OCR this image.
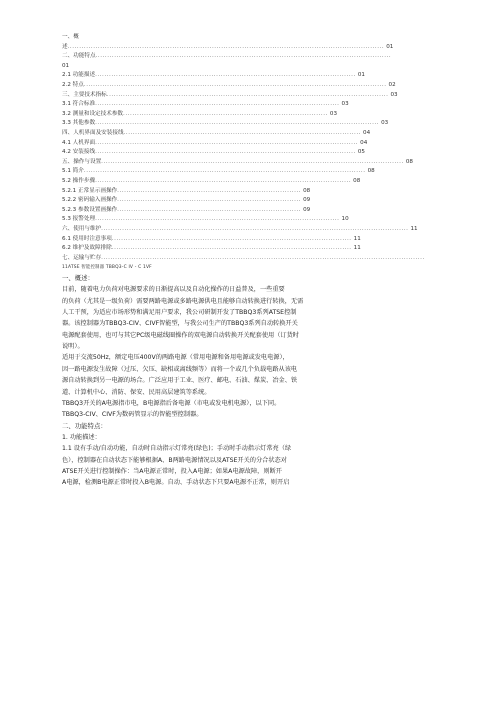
一、概
述........................................................................................................................................ 01
二、功能特点...............................................................................................................................
01
2.1 功能描述................................................................................................................ 01
2.2 特点.................................................................................................................................. 02
三、主要技术指标......................................................................................................................... 03
3.1 符合标准......................................................................................................... 03
3.2 测量和设定技术参数........................................................................................ 03
3.3 其他参数.......................................................................................................................... 03
四、人机界面及安装接线...................................................................................................... 04
4.1 人机界面................................................................................................................. 04
4.2 安装接线................................................................................................................ 05
五、操作与设置.................................................................................................................................. 08
5.1 简介......................................................................................................................... 08
5.2 操作步骤.............................................................................................................. 08
5.2.1 正常显示画操作............................................................................... 08
5.2.2 密码输入画操作............................................................................... 09
5.2.3 参数设置画操作............................................................................... 09
5.3 报警处理......................................................................................................... 10
六、使用与维护.................................................................................................................................... 11
6.1 使用时注意事项....................................................................................................... 11
6.2 维护及故障排除....................................................................................................... 11
七、运输与贮存...........................................................................................................................................
11ATSE 智能控制器 TBBQ3-C IV - C 1VF
一、概述：
目前，随着电力负荷对电源要求的日渐提高以及自动化操作的日益普及，一些重要
的负荷（尤其是一级负荷）需要两路电源或多路电源供电且能够自动转换进行转换，无需
人工干预，为适应市场形势和满足用户要求，我公司研制开发了TBBQ3系列ATSE控制
器。该控制器为TBBQ3-CIV、CIVF智能型，与我公司生产的TBBQ3系列自动转换开关
电源配套使用，也可与其它PC级电磁线圈操作的双电源自动转换开关配套使用（订货时
说明）。
适用于交流50Hz，额定电压400V的两路电源（常用电源和备用电源或发电电源），
因一路电源发生故障（过压、欠压、缺相或离线频等）而将一个或几个负载电路从该电
源自动转换到另一电源的场合。广泛应用于工业、医疗、邮电、石油、煤炭、冶金、铁
道、计算机中心、消防、保安、民用高层建筑等系统。
TBBQ3开关的A电源指市电，B电源指后备电源（市电或发电机电源），以下同。
TBBQ3-CIV、CIVF为数码管显示的智能型控制器。
二、功能特点：
1. 功能描述：
1.1 设有手动/自动功能，自动时自动指示灯常亮(绿色)；手动时手动指示灯常亮（绿
色），控制器在自动状态下能够根据A、B两路电源情况以及ATSE开关的分合状态对
ATSE开关进行控制操作：当A电源正常时，投入A电源；如果A电源故障，则断开
A电源，检测B电源正常时投入B电源。自动、手动状态下只要A电源不正常，则开启
